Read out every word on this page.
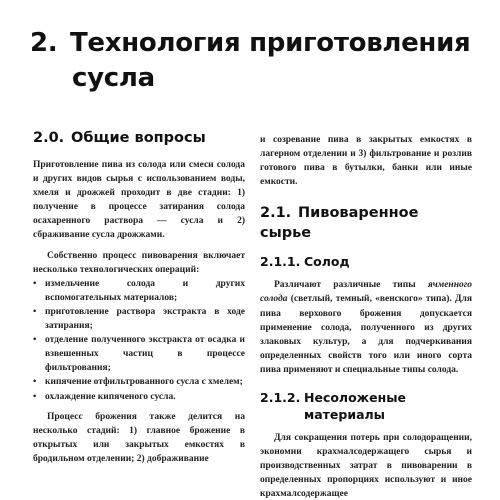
2. Технология приготовления
сусла
2.0. Общие вопросы

Приготовление пива из солода или смеси солода и других видов сырья с использованием воды, хмеля и дрожжей проходит в две стадии: 1) получение в процессе затирания солода осахаренного раствора — сусла и 2) сбраживание сусла дрожжами.

Собственно процесс пивоварения включает несколько технологических операций:

• измельчение солода и других вспомогательных материалов;
• приготовление раствора экстракта в ходе затирания;
• отделение полученного экстракта от осадка и взвешенных частиц в процессе фильтрования;
• кипячение отфильтрованного сусла с хмелем;
• охлаждение кипяченого сусла.

Процесс брожения также делится на несколько стадий: 1) главное брожение в открытых или закрытых емкостях в бродильном отделении; 2) дображивание

и созревание пива в закрытых емкостях в лагерном отделении и 3) фильтрование и розлив готового пива в бутылки, банки или иные емкости.

2.1. Пивоваренное сырье
2.1.1. Солод

Различают различные типы ячменного солода (светлый, темный, «венского» типа). Для пива верхового брожения допускается применение солода, полученного из других злаковых культур, а для подчеркивания определенных свойств того или иного сорта пива применяют и специальные типы солода.

2.1.2. Несоложеные
материалы

Для сокращения потерь при солодоращении, экономии крахмалсодержащего сырья и производственных затрат в пивоварении в определенных пропорциях используют и иное крахмалсодержащее
